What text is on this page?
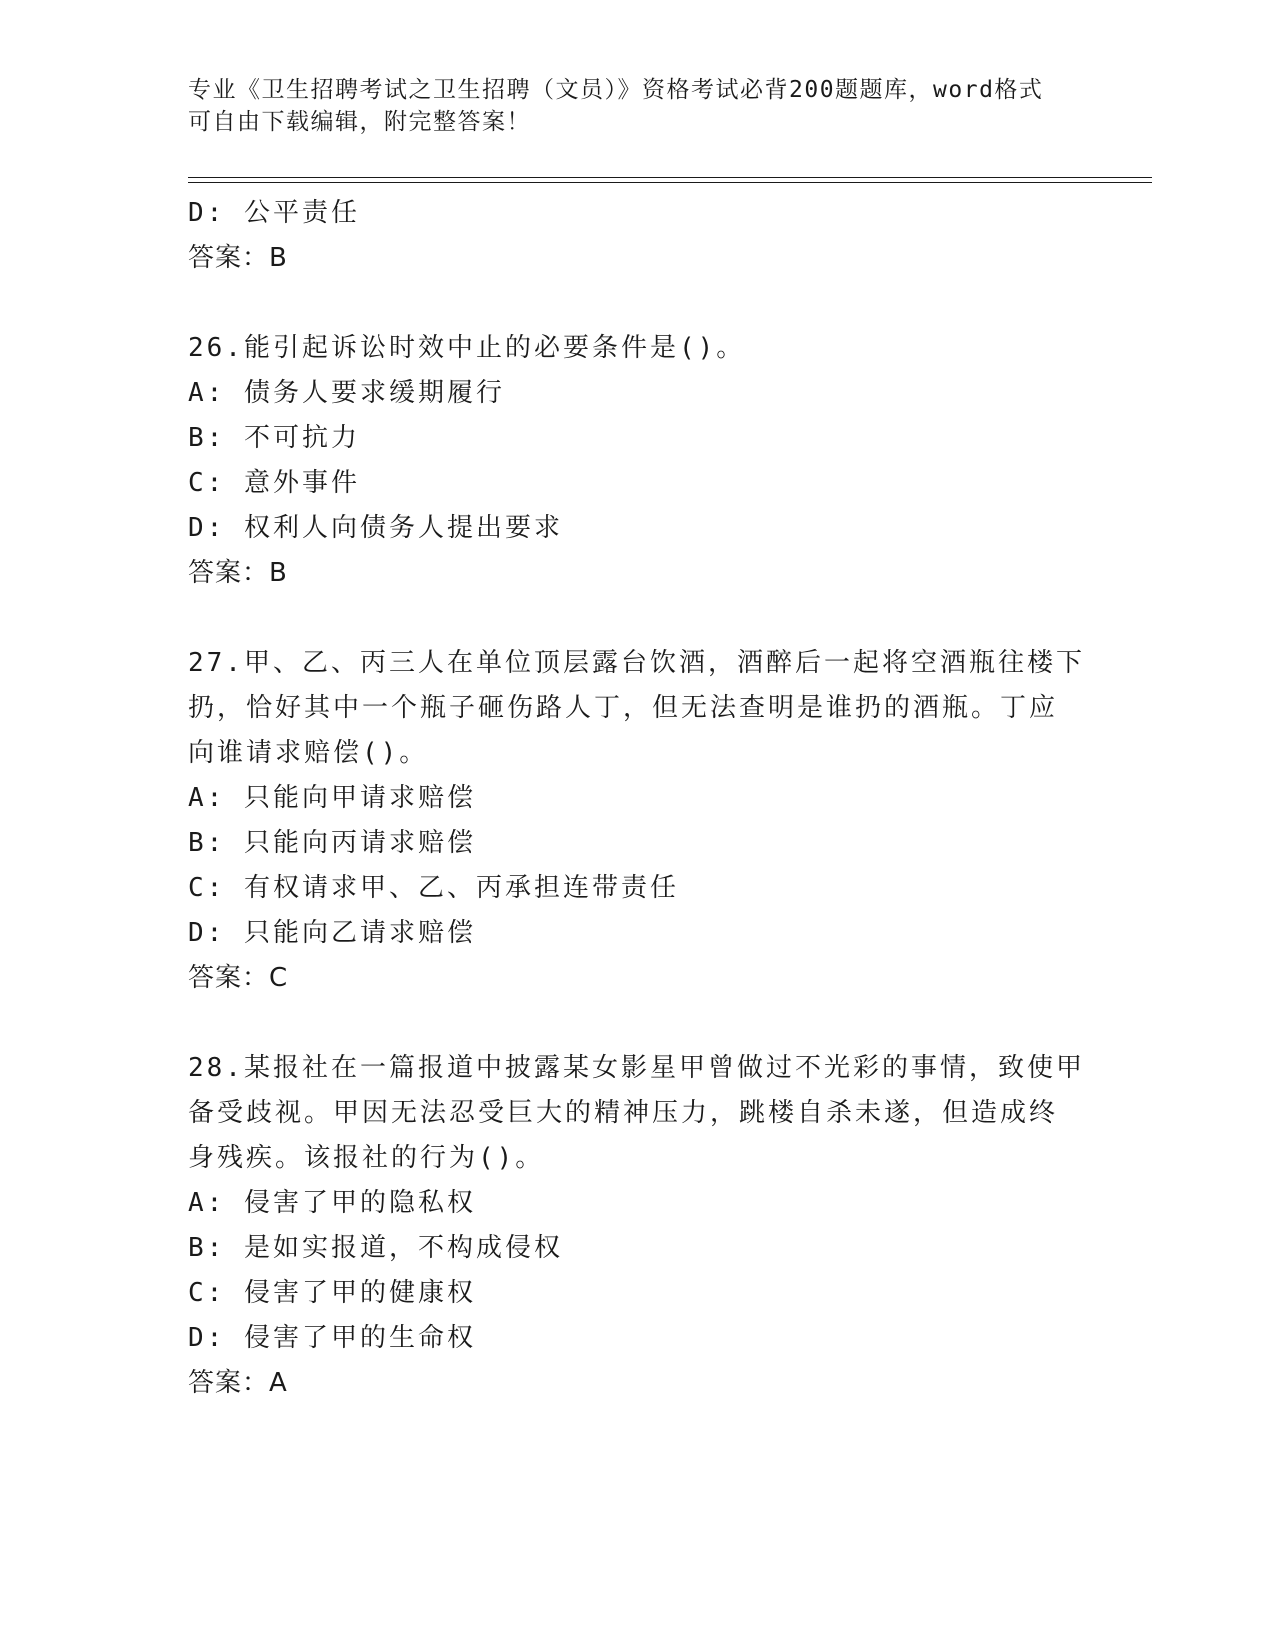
专业《卫生招聘考试之卫生招聘（文员）》资格考试必背200题题库，word格式
可自由下载编辑，附完整答案！
D: 公平责任
答案：B
26.能引起诉讼时效中止的必要条件是()。
A: 债务人要求缓期履行
B: 不可抗力
C: 意外事件
D: 权利人向债务人提出要求
答案：B
27.甲、乙、丙三人在单位顶层露台饮酒，酒醉后一起将空酒瓶往楼下
扔，恰好其中一个瓶子砸伤路人丁，但无法查明是谁扔的酒瓶。丁应
向谁请求赔偿()。
A: 只能向甲请求赔偿
B: 只能向丙请求赔偿
C: 有权请求甲、乙、丙承担连带责任
D: 只能向乙请求赔偿
答案：C
28.某报社在一篇报道中披露某女影星甲曾做过不光彩的事情，致使甲
备受歧视。甲因无法忍受巨大的精神压力，跳楼自杀未遂，但造成终
身残疾。该报社的行为()。
A: 侵害了甲的隐私权
B: 是如实报道，不构成侵权
C: 侵害了甲的健康权
D: 侵害了甲的生命权
答案：A
